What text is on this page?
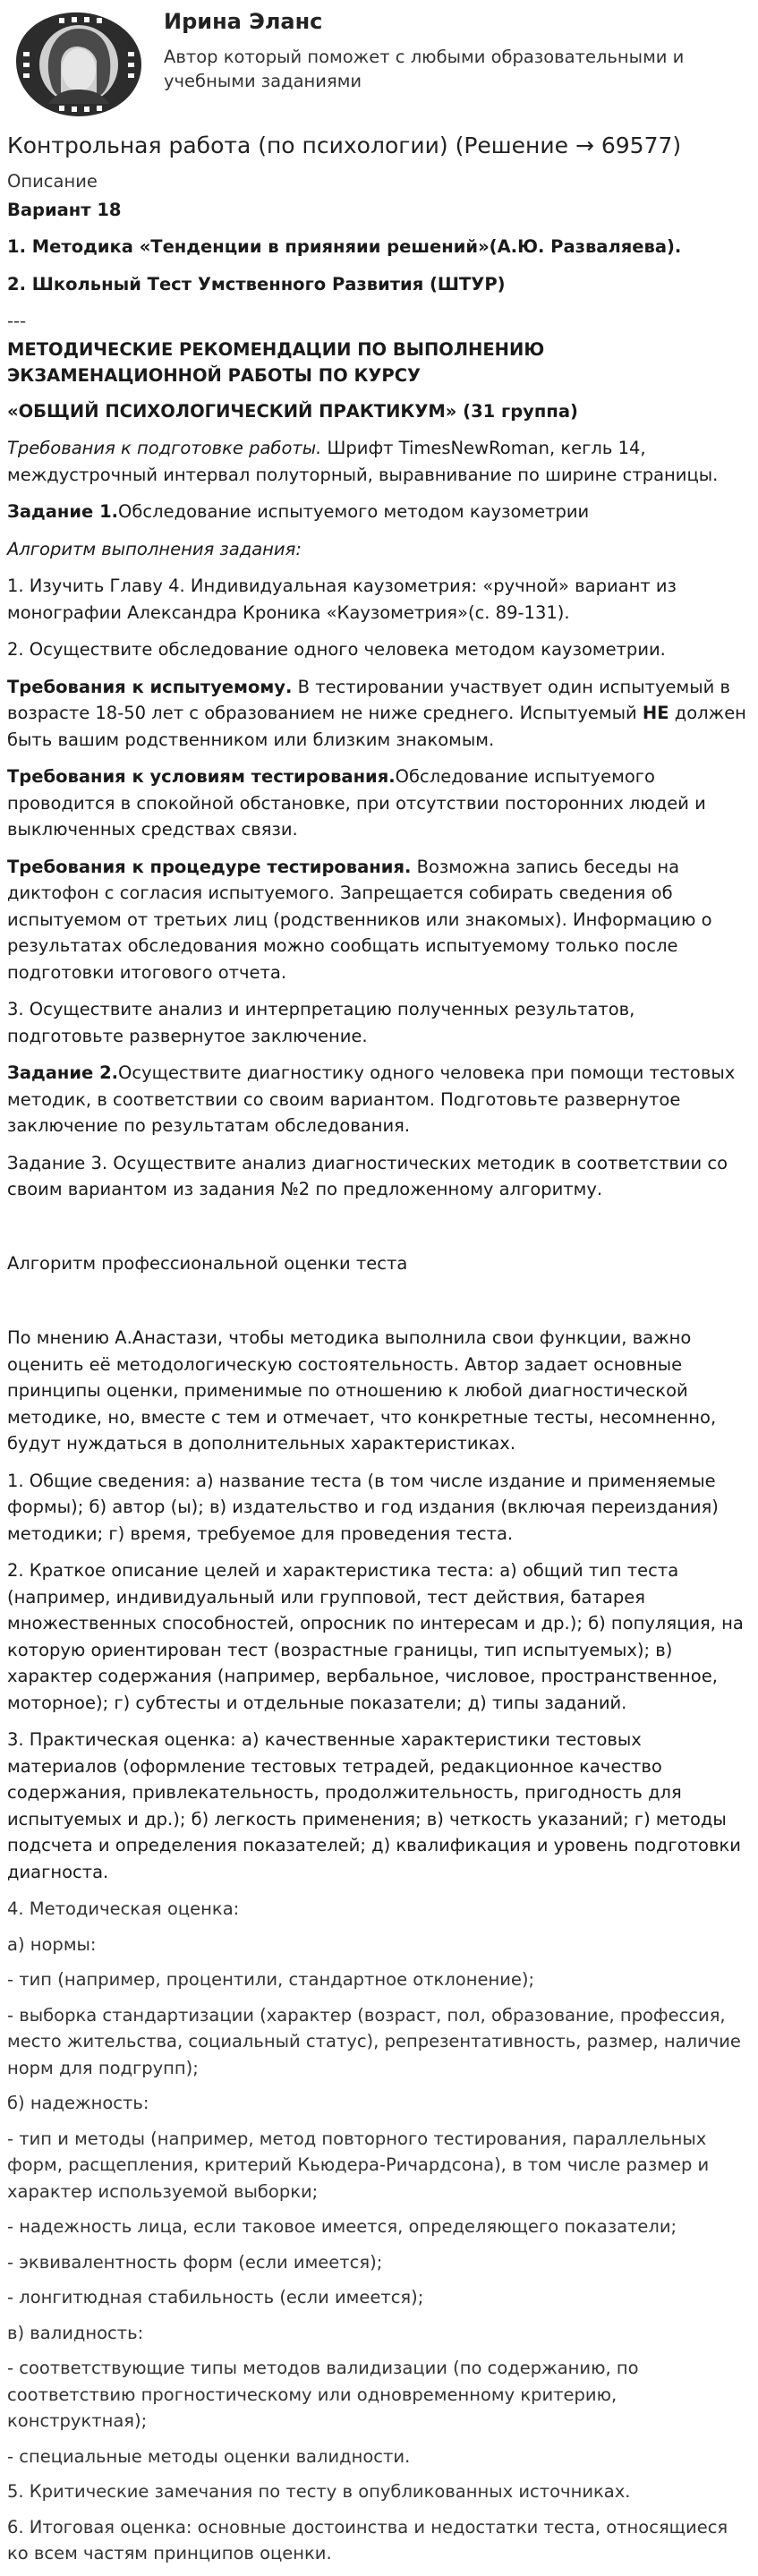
Ирина Эланс
Автор который поможет с любыми образовательными и учебными заданиями
Контрольная работа (по психологии) (Решение → 69577)

Описание

Вариант 18

1. Методика «Тенденции в прияняии решений»(А.Ю. Разваляева).

2. Школьный Тест Умственного Развития (ШТУР)

---

МЕТОДИЧЕСКИЕ РЕКОМЕНДАЦИИ ПО ВЫПОЛНЕНИЮ ЭКЗАМЕНАЦИОННОЙ РАБОТЫ ПО КУРСУ

«ОБЩИЙ ПСИХОЛОГИЧЕСКИЙ ПРАКТИКУМ» (31 группа)

Требования к подготовке работы. Шрифт TimesNewRoman, кегль 14, междустрочный интервал полуторный, выравнивание по ширине страницы.

Задание 1.Обследование испытуемого методом каузометрии

Алгоритм выполнения задания:

1. Изучить Главу 4. Индивидуальная каузометрия: «ручной» вариант из монографии Александра Кроника «Каузометрия»(с. 89-131).

2. Осуществите обследование одного человека методом каузометрии.

Требования к испытуемому. В тестировании участвует один испытуемый в возрасте 18-50 лет с образованием не ниже среднего. Испытуемый НЕ должен быть вашим родственником или близким знакомым.

Требования к условиям тестирования.Обследование испытуемого проводится в спокойной обстановке, при отсутствии посторонних людей и выключенных средствах связи.

Требования к процедуре тестирования. Возможна запись беседы на диктофон с согласия испытуемого. Запрещается собирать сведения об испытуемом от третьих лиц (родственников или знакомых). Информацию о результатах обследования можно сообщать испытуемому только после подготовки итогового отчета.

3. Осуществите анализ и интерпретацию полученных результатов, подготовьте развернутое заключение.

Задание 2.Осуществите диагностику одного человека при помощи тестовых методик, в соответствии со своим вариантом. Подготовьте развернутое заключение по результатам обследования.

Задание 3. Осуществите анализ диагностических методик в соответствии со своим вариантом из задания №2 по предложенному алгоритму.

Алгоритм профессиональной оценки теста

По мнению А.Анастази, чтобы методика выполнила свои функции, важно оценить её методологическую состоятельность. Автор задает основные принципы оценки, применимые по отношению к любой диагностической методике, но, вместе с тем и отмечает, что конкретные тесты, несомненно, будут нуждаться в дополнительных характеристиках.

1. Общие сведения: а) название теста (в том числе издание и применяемые формы); б) автор (ы); в) издательство и год издания (включая переиздания) методики; г) время, требуемое для проведения теста.

2. Краткое описание целей и характеристика теста: а) общий тип теста (например, индивидуальный или групповой, тест действия, батарея множественных способностей, опросник по интересам и др.); б) популяция, на которую ориентирован тест (возрастные границы, тип испытуемых); в) характер содержания (например, вербальное, числовое, пространственное, моторное); г) субтесты и отдельные показатели; д) типы заданий.

3. Практическая оценка: а) качественные характеристики тестовых материалов (оформление тестовых тетрадей, редакционное качество содержания, привлекательность, продолжительность, пригодность для испытуемых и др.); б) легкость применения; в) четкость указаний; г) методы подсчета и определения показателей; д) квалификация и уровень подготовки диагноста.

4. Методическая оценка:

а) нормы:

- тип (например, процентили, стандартное отклонение);

- выборка стандартизации (характер (возраст, пол, образование, профессия, место жительства, социальный статус), репрезентативность, размер, наличие норм для подгрупп);

б) надежность:

- тип и методы (например, метод повторного тестирования, параллельных форм, расщепления, критерий Кьюдера-Ричардсона), в том числе размер и характер используемой выборки;

- надежность лица, если таковое имеется, определяющего показатели;

- эквивалентность форм (если имеется);

- лонгитюдная стабильность (если имеется);

в) валидность:

- соответствующие типы методов валидизации (по содержанию, по соответствию прогностическому или одновременному критерию, конструктная);

- специальные методы оценки валидности.

5. Критические замечания по тесту в опубликованных источниках.

6. Итоговая оценка: основные достоинства и недостатки теста, относящиеся ко всем частям принципов оценки.
